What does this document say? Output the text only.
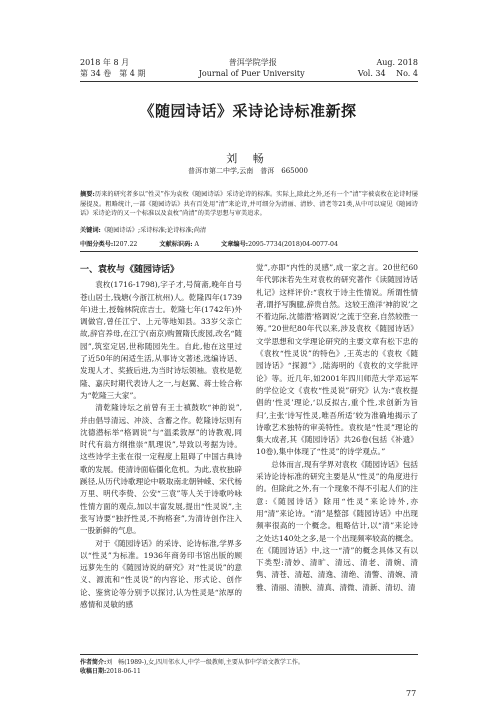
2018 年 8 月	普洱学院学报	Aug. 2018
第 34 卷　第 4 期	Journal of Puer University	Vol. 34　 No. 4
《随园诗话》采诗论诗标准新探
刘 畅
普洱市第二中学,云南　普洱　665000
摘要:历来的研究者多以“性灵”作为袁枚《随园诗话》采诗论诗的标准。实际上,除此之外,还有一个“清”字被袁枚在论诗时屡屡提及。粗略统计,一部《随园诗话》共有百处用“清”来论诗,并可细分为清丽、清妙、清老等21类,从中可以窥见《随园诗话》采诗论诗的又一个标准以及袁枚“尚清”的美学思想与审美追求。
关键词:《随园诗话》;采诗标准;论诗标准;尚清
中图分类号:I207.22	文献标识码: A	文章编号:2095-7734(2018)04-0077-04
一、袁枚与《随园诗话》

袁枚(1716-1798),字子才,号简斋,晚年自号苍山居士,钱塘(今浙江杭州)人。乾隆四年(1739年)进士,授翰林院庶吉士。乾隆七年(1742年)外调做官,曾任江宁、上元等地知县。33岁父亲亡故,辞官养母,在江宁(南京)购置隋氏废园,改名“随园”,筑室定居,世称随园先生。自此,他在这里过了近50年的闲适生活,从事诗文著述,选编诗话、发现人才、奖掖后进,为当时诗坛领袖。袁枚是乾隆、嘉庆时期代表诗人之一,与赵翼、蒋士铨合称为“乾隆三大家”。

清乾隆诗坛之前曾有王士禛鼓吹“神韵说”,并由倡导清远、冲淡、含蓄之作。乾隆诗坛则有沈德潜标举“格调说”与“温柔敦厚”的诗教观,同时代有翁方纲推崇“肌理说”,导致以考据为诗。这些诗学主张在很一定程度上阻碍了中国古典诗歌的发展。使清诗面临僵化危机。为此,袁枚独辟蹊径,从历代诗歌理论中吸取南北朝钟嵘、宋代杨万里、明代李贽、公安“三袁”等人关于诗歌吟咏性情方面的观点,加以丰富发展,提出“性灵说”,主张写诗要“独抒性灵,不拘格套”,为清诗创作注入一股新鲜的气息。

对于《随园诗话》的采诗、论诗标准,学界多以“性灵”为标准。1936年商务印书馆出版的顾远萝先生的《随园诗说的研究》对“性灵说”的意义、源流和“性灵说”的内容论、形式论、创作论、鉴赏论等分别予以探讨,认为性灵是“浓厚的感情和灵敏的感

觉”,亦即“内性的灵感”,成一家之言。20世纪60年代郭沫若先生对袁枚的研究著作《读随园诗话札记》这样评价:“袁枚于诗主性情说。所谓性情者,谓抒写胸臆,辞贵自然。这较王渔洋‘神韵说’之不着边际,沈德潜‘格调说’之流于空套,自然较胜一筹。”20世纪80年代以来,涉及袁枚《随园诗话》文学思想和文学理论研究的主要文章有松下忠的《袁枚“性灵说”的特色》,王英志的《袁枚《随园诗话》“探源”》,陆海明的《袁枚的文学批评论》等。近几年,如2001年四川师范大学邓运军的学位论文《袁枚“性灵说”研究》认为:“袁枚提倡的‘性灵’理论,‘以反拟古,重个性,求创新为旨归’,主张‘诗写性灵,唯吾所适’较为准确地揭示了诗歌艺术独特的审美特性。袁枚是“性灵”理论的集大成者,其《随园诗话》共26卷(包括《补遗》10卷),集中体现了“性灵”的诗学观点。”

总体而言,现有学界对袁枚《随园诗话》包括采诗论诗标准的研究主要是从“性灵”的角度进行的。但除此之外,有一个现象不得不引起人们的注意:《随园诗话》除用“性灵”来论诗外,亦用“清”来论诗。“清”是整部《随园诗话》中出现频率很高的一个概念。粗略估计,以“清”来论诗之处达140处之多,是一个出现频率较高的概念。在《随园诗话》中,这一“清”的概念具体又有以下类型:清妙、清旷、清远、清老、清婉、清隽、清苍、清超、清逸、清绝、清警、清婉、清雅、清丽、清腴、清真、清微、清新、清切、清

作者简介:刘　畅(1989-),女,四川邻水人,中学一级教师,主要从事中学语文教学工作。
收稿日期:2018-06-11
77
